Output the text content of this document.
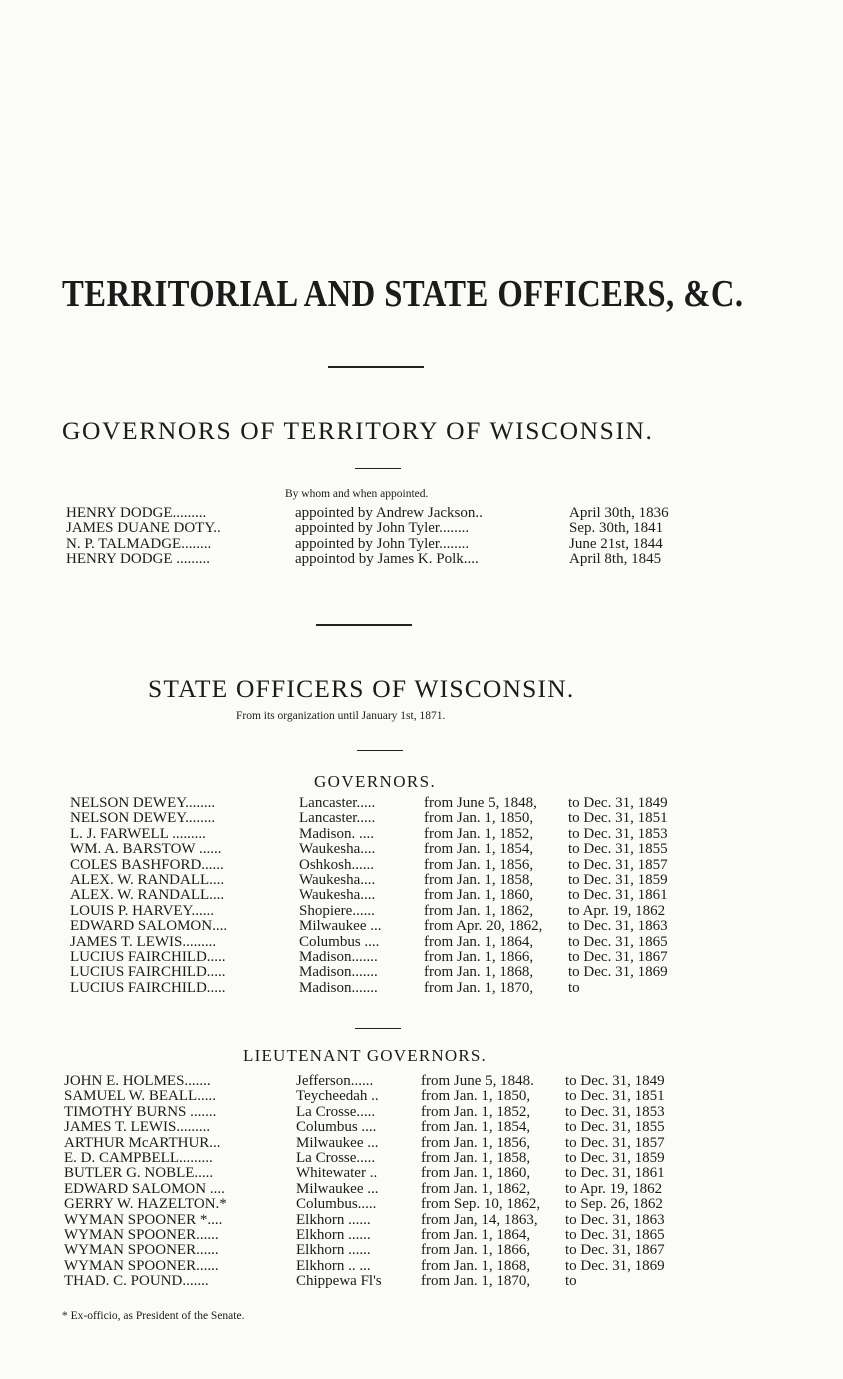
TERRITORIAL AND STATE OFFICERS, &C.
GOVERNORS OF TERRITORY OF WISCONSIN.
By whom and when appointed.
HENRY DODGE.........	appointed by Andrew Jackson..	April 30th, 1836
JAMES DUANE DOTY..	appointed by John Tyler........	Sep. 30th, 1841
N. P. TALMADGE........	appointed by John Tyler........	June 21st, 1844
HENRY DODGE .........	appointod by James K. Polk....	April 8th, 1845
STATE OFFICERS OF WISCONSIN.
From its organization until January 1st, 1871.
GOVERNORS.
NELSON DEWEY........	Lancaster.....	from June 5, 1848, to Dec. 31, 1849
NELSON DEWEY........	Lancaster.....	from Jan. 1, 1850, to Dec. 31, 1851
L. J. FARWELL .........	Madison. ....	from Jan. 1, 1852, to Dec. 31, 1853
WM. A. BARSTOW ......	Waukesha....	from Jan. 1, 1854, to Dec. 31, 1855
COLES BASHFORD......	Oshkosh......	from Jan. 1, 1856, to Dec. 31, 1857
ALEX. W. RANDALL....	Waukesha....	from Jan. 1, 1858, to Dec. 31, 1859
ALEX. W. RANDALL....	Waukesha....	from Jan. 1, 1860, to Dec. 31, 1861
LOUIS P. HARVEY......	Shopiere......	from Jan. 1, 1862, to Apr. 19, 1862
EDWARD SALOMON....	Milwaukee ...	from Apr. 20, 1862, to Dec. 31, 1863
JAMES T. LEWIS.........	Columbus ....	from Jan. 1, 1864, to Dec. 31, 1865
LUCIUS FAIRCHILD.....	Madison.......	from Jan. 1, 1866, to Dec. 31, 1867
LUCIUS FAIRCHILD.....	Madison.......	from Jan. 1, 1868, to Dec. 31, 1869
LUCIUS FAIRCHILD.....	Madison.......	from Jan. 1, 1870, to
LIEUTENANT GOVERNORS.
JOHN E. HOLMES.......	Jefferson......	from June 5, 1848. to Dec. 31, 1849
SAMUEL W. BEALL.....	Teycheedah ..	from Jan. 1, 1850, to Dec. 31, 1851
TIMOTHY BURNS .......	La Crosse.....	from Jan. 1, 1852, to Dec. 31, 1853
JAMES T. LEWIS.........	Columbus ....	from Jan. 1, 1854, to Dec. 31, 1855
ARTHUR McARTHUR...	Milwaukee ...	from Jan. 1, 1856, to Dec. 31, 1857
E. D. CAMPBELL.........	La Crosse.....	from Jan. 1, 1858, to Dec. 31, 1859
BUTLER G. NOBLE.....	Whitewater ..	from Jan. 1, 1860, to Dec. 31, 1861
EDWARD SALOMON ....	Milwaukee ...	from Jan. 1, 1862, to Apr. 19, 1862
GERRY W. HAZELTON.*	Columbus.....	from Sep. 10, 1862, to Sep. 26, 1862
WYMAN SPOONER *....	Elkhorn ......	from Jan, 14, 1863, to Dec. 31, 1863
WYMAN SPOONER......	Elkhorn ......	from Jan. 1, 1864, to Dec. 31, 1865
WYMAN SPOONER......	Elkhorn ......	from Jan. 1, 1866, to Dec. 31, 1867
WYMAN SPOONER......	Elkhorn .. ...	from Jan. 1, 1868, to Dec. 31, 1869
THAD. C. POUND.......	Chippewa Fl's	from Jan. 1, 1870, to
* Ex-officio, as President of the Senate.
